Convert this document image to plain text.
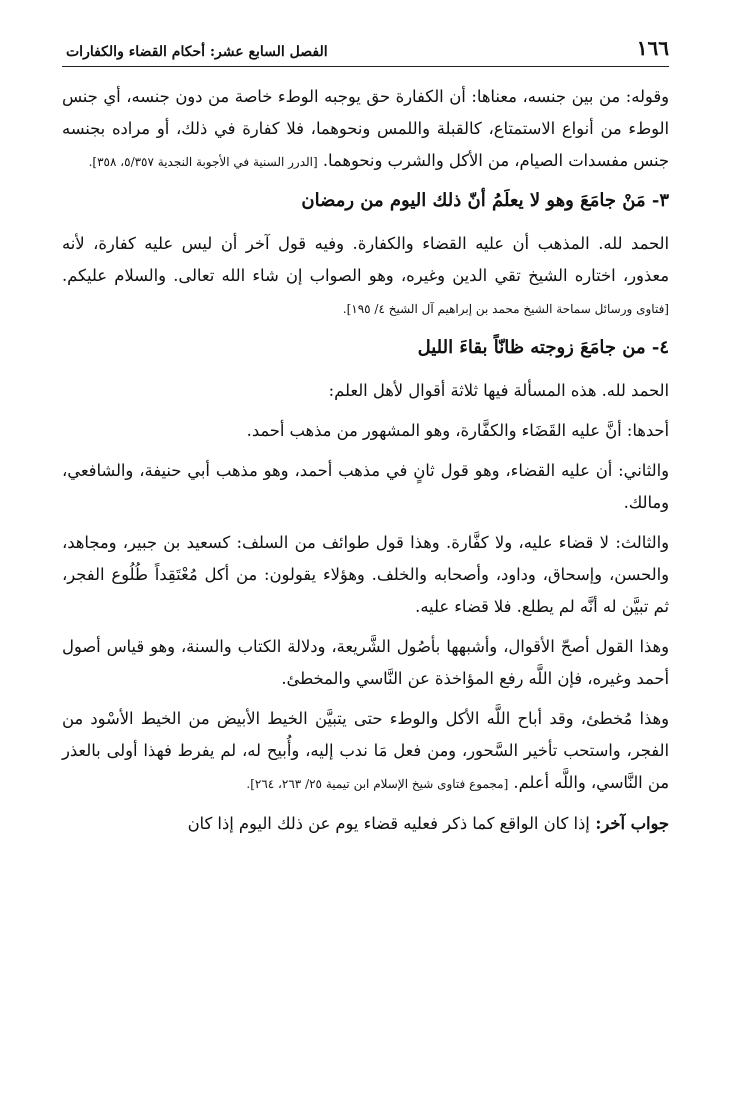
١٦٦
الفصل السابع عشر: أحكام القضاء والكفارات

وقوله: من بين جنسه، معناها: أن الكفارة حق يوجبه الوطء خاصة من دون جنسه، أي جنس الوطء من أنواع الاستمتاع، كالقبلة واللمس ونحوهما، فلا كفارة في ذلك، أو مراده بجنسه جنس مفسدات الصيام، من الأكل والشرب ونحوهما. [الدرر السنية في الأجوبة النجدية ٥/٣٥٧، ٣٥٨].

٣- مَنْ جامَعَ وهو لا يعلَمُ أنّ ذلك اليوم من رمضان

الحمد لله. المذهب أن عليه القضاء والكفارة. وفيه قول آخر أن ليس عليه كفارة، لأنه معذور، اختاره الشيخ تقي الدين وغيره، وهو الصواب إن شاء الله تعالى. والسلام عليكم. [فتاوى ورسائل سماحة الشيخ محمد بن إبراهيم آل الشيخ ٤/ ١٩٥].

٤- من جامَعَ زوجته ظانّاً بقاءَ الليل

الحمد لله. هذه المسألة فيها ثلاثة أقوال لأهل العلم:

أحدها: أنَّ عليه القَضَاء والكفَّارة، وهو المشهور من مذهب أحمد.

والثاني: أن عليه القضاء، وهو قول ثانٍ في مذهب أحمد، وهو مذهب أبي حنيفة، والشافعي، ومالك.

والثالث: لا قضاء عليه، ولا كفَّارة. وهذا قول طوائف من السلف: كسعيد بن جبير، ومجاهد، والحسن، وإسحاق، وداود، وأصحابه والخلف. وهؤلاء يقولون: من أكل مُعْتَقِداً طُلُوع الفجر، ثم تبيَّن له أنَّه لم يطلع. فلا قضاء عليه.

وهذا القول أصحّ الأقوال، وأشبهها بأصُول الشَّريعة، ودلالة الكتاب والسنة، وهو قياس أصول أحمد وغيره، فإن اللَّه رفع المؤاخذة عن النَّاسي والمخطئ.

وهذا مُخطئ، وقد أباح اللَّه الأكل والوطء حتى يتبيَّن الخيط الأبيض من الخيط الأسْود من الفجر، واستحب تأخير السَّحور، ومن فعل مَا ندب إليه، وأُبيح له، لم يفرط فهذا أولى بالعذر من النَّاسي، واللَّه أعلم. [مجموع فتاوى شيخ الإسلام ابن تيمية ٢٥/ ٢٦٣، ٢٦٤].

جواب آخر: إذا كان الواقع كما ذكر فعليه قضاء يوم عن ذلك اليوم إذا كان
